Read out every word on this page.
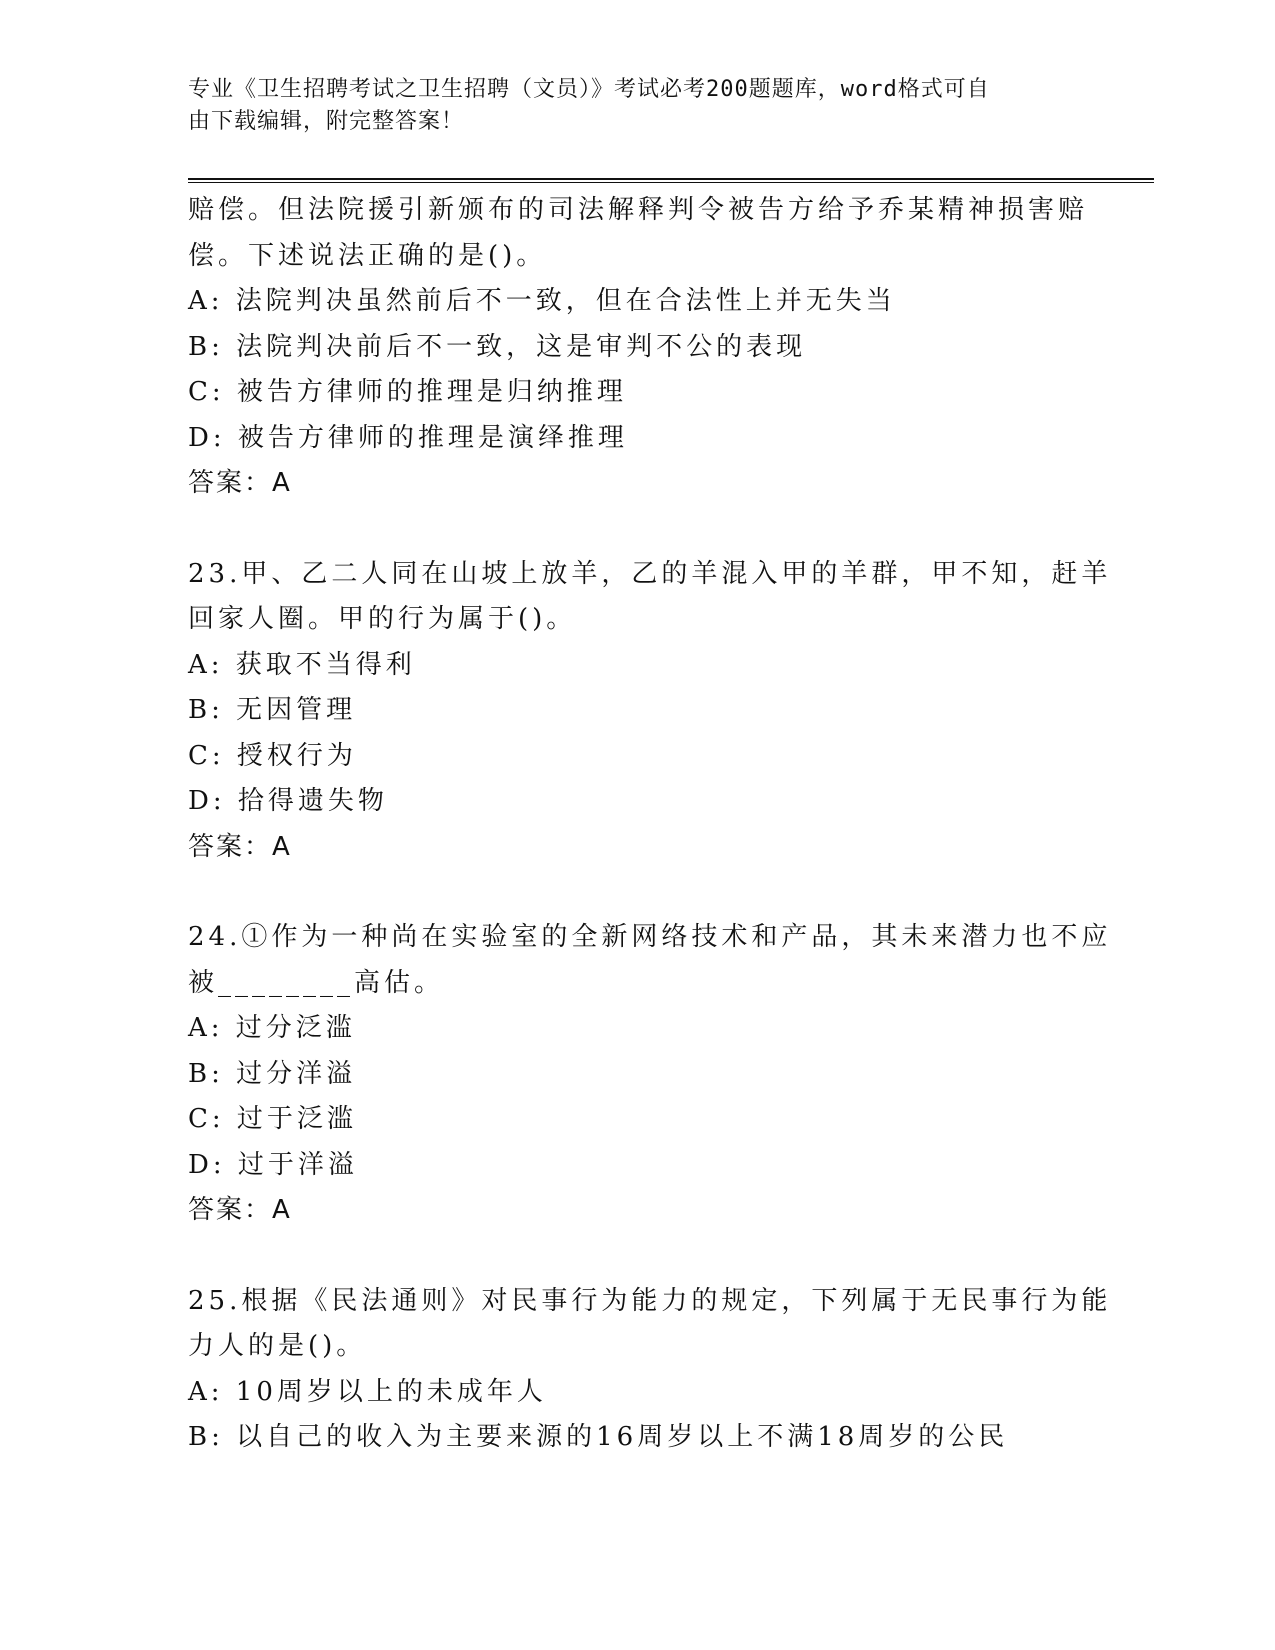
专业《卫生招聘考试之卫生招聘（文员）》考试必考200题题库，word格式可自
由下载编辑，附完整答案！
赔偿。但法院援引新颁布的司法解释判令被告方给予乔某精神损害赔
偿。下述说法正确的是()。
A: 法院判决虽然前后不一致，但在合法性上并无失当
B: 法院判决前后不一致，这是审判不公的表现
C: 被告方律师的推理是归纳推理
D: 被告方律师的推理是演绎推理
答案：A
23.甲、乙二人同在山坡上放羊，乙的羊混入甲的羊群，甲不知，赶羊
回家人圈。甲的行为属于()。
A: 获取不当得利
B: 无因管理
C: 授权行为
D: 拾得遗失物
答案：A
24.①作为一种尚在实验室的全新网络技术和产品，其未来潜力也不应
被________高估。
A: 过分泛滥
B: 过分洋溢
C: 过于泛滥
D: 过于洋溢
答案：A
25.根据《民法通则》对民事行为能力的规定，下列属于无民事行为能
力人的是()。
A: 10周岁以上的未成年人
B: 以自己的收入为主要来源的16周岁以上不满18周岁的公民
